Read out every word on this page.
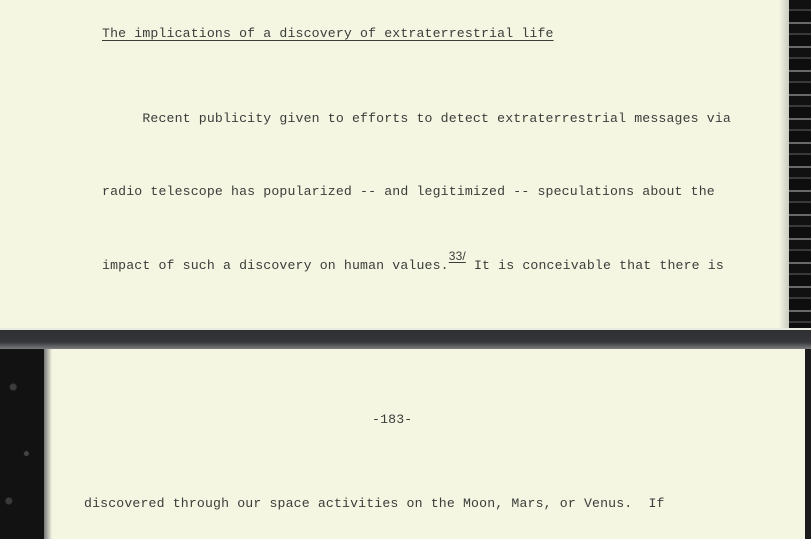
The implications of a discovery of extraterrestrial life

Recent publicity given to efforts to detect extraterrestrial messages via

radio telescope has popularized -- and legitimized -- speculations about the

impact of such a discovery on human values.33/ It is conceivable that there is

-183-

discovered through our space activities on the Moon, Mars, or Venus.  If
